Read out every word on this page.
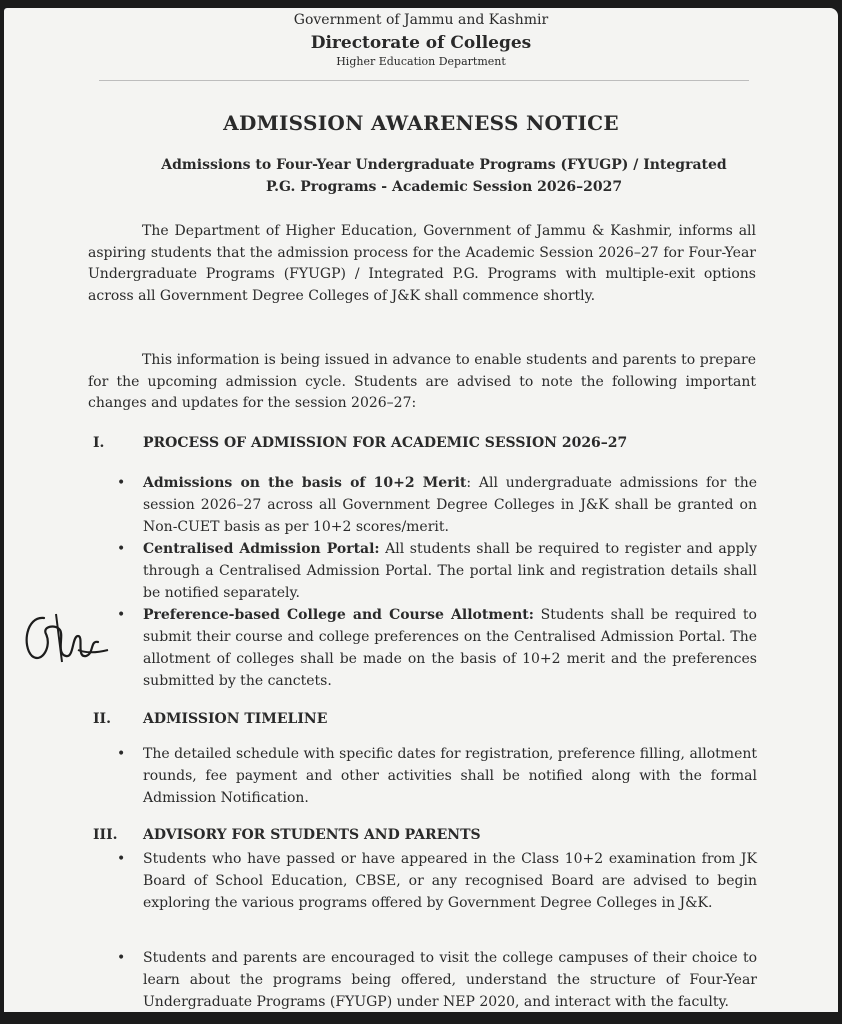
Government of Jammu and Kashmir
Directorate of Colleges
Higher Education Department
ADMISSION AWARENESS NOTICE
Admissions to Four-Year Undergraduate Programs (FYUGP) / Integrated
P.G. Programs - Academic Session 2026–2027
The Department of Higher Education, Government of Jammu & Kashmir, informs all aspiring students that the admission process for the Academic Session 2026–27 for Four-Year Undergraduate Programs (FYUGP) / Integrated P.G. Programs with multiple-exit options across all Government Degree Colleges of J&K shall commence shortly.
This information is being issued in advance to enable students and parents to prepare for the upcoming admission cycle. Students are advised to note the following important changes and updates for the session 2026–27:
I.	PROCESS OF ADMISSION FOR ACADEMIC SESSION 2026–27
• Admissions on the basis of 10+2 Merit: All undergraduate admissions for the session 2026–27 across all Government Degree Colleges in J&K shall be granted on Non-CUET basis as per 10+2 scores/merit.
• Centralised Admission Portal: All students shall be required to register and apply through a Centralised Admission Portal. The portal link and registration details shall be notified separately.
• Preference-based College and Course Allotment: Students shall be required to submit their course and college preferences on the Centralised Admission Portal. The allotment of colleges shall be made on the basis of 10+2 merit and the preferences submitted by the canctets.
II. ADMISSION TIMELINE
• The detailed schedule with specific dates for registration, preference filling, allotment rounds, fee payment and other activities shall be notified along with the formal Admission Notification.
III. ADVISORY FOR STUDENTS AND PARENTS
• Students who have passed or have appeared in the Class 10+2 examination from JK Board of School Education, CBSE, or any recognised Board are advised to begin exploring the various programs offered by Government Degree Colleges in J&K.
• Students and parents are encouraged to visit the college campuses of their choice to learn about the programs being offered, understand the structure of Four-Year Undergraduate Programs (FYUGP) under NEP 2020, and interact with the faculty.
